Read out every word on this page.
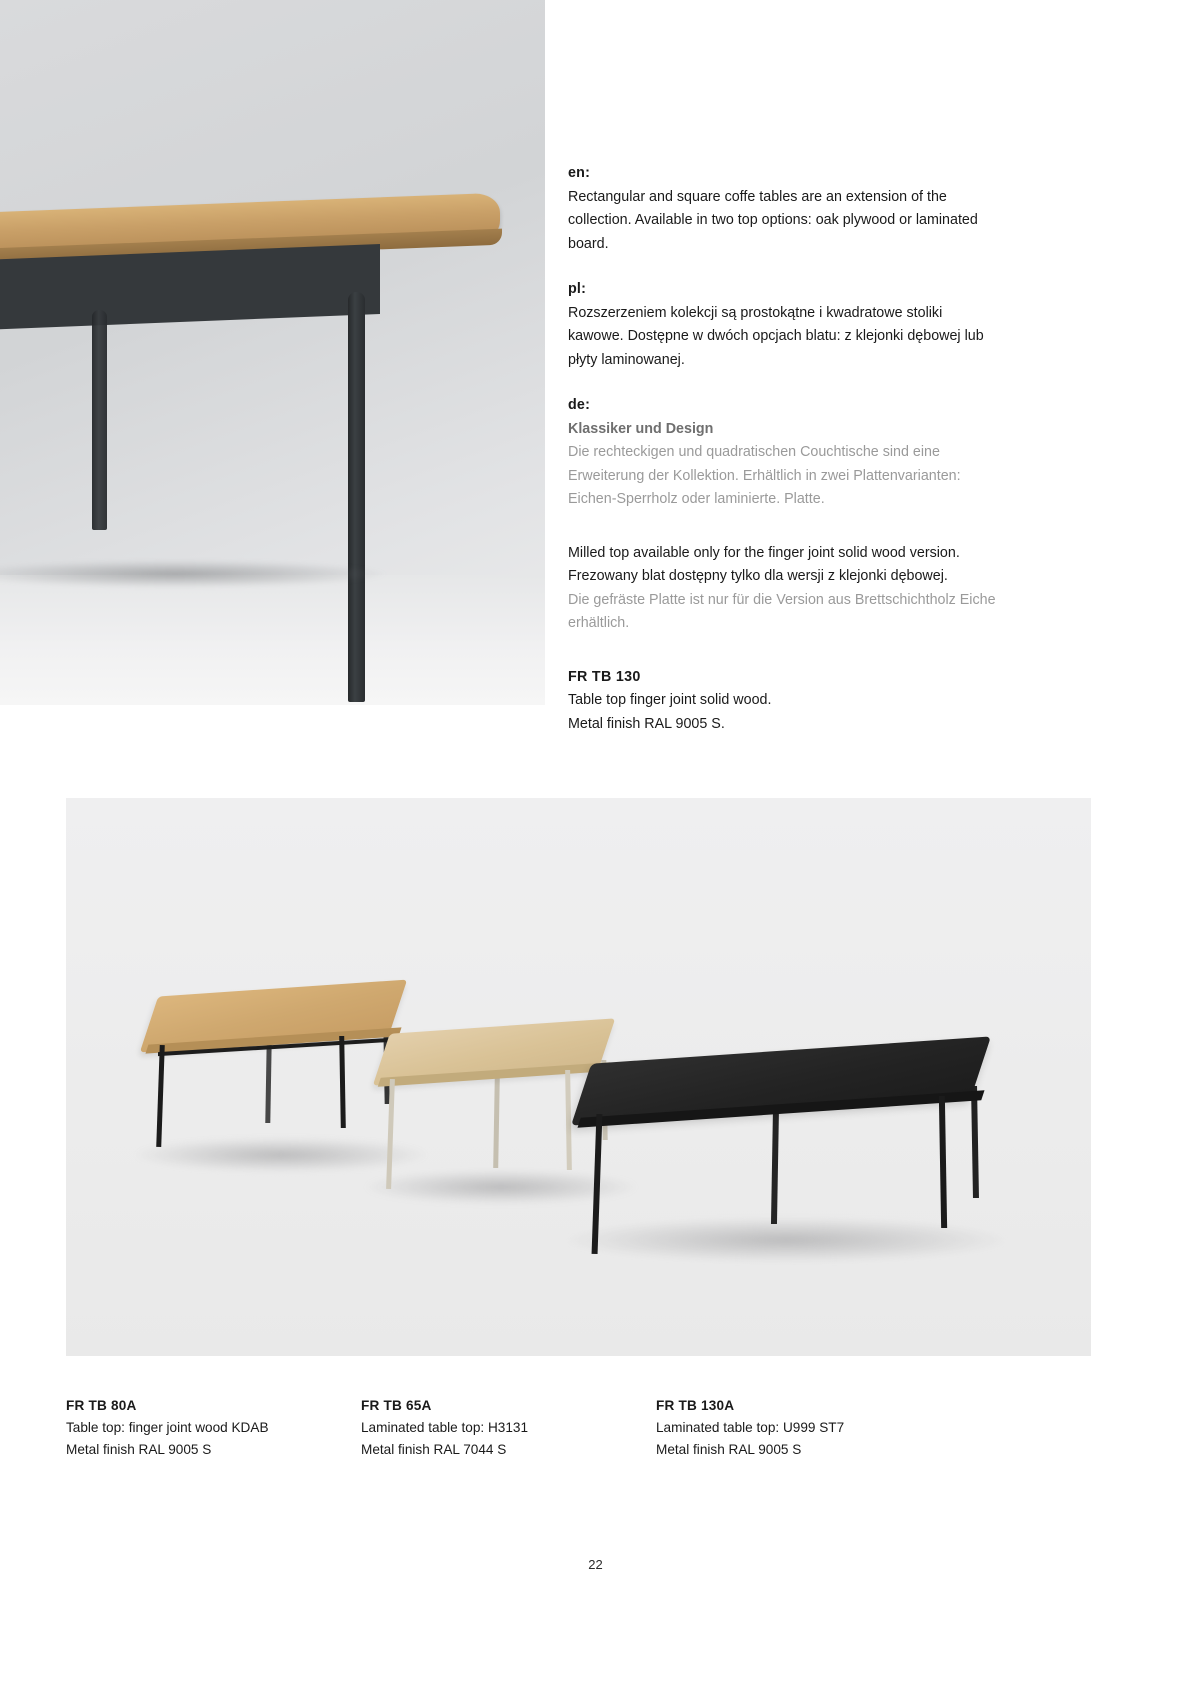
en:

Rectangular and square coffe tables are an extension of the collection. Available in two top options: oak plywood or laminated board.

pl:

Rozszerzeniem kolekcji są prostokątne i kwadratowe stoliki kawowe. Dostępne w dwóch opcjach blatu: z klejonki dębowej lub płyty laminowanej.

de:

Klassiker und Design

Die rechteckigen und quadratischen Couchtische sind eine Erweiterung der Kollektion. Erhältlich in zwei Plattenvarianten: Eichen-Sperrholz oder laminierte. Platte.

Milled top available only for the finger joint solid wood version.

Frezowany blat dostępny tylko dla wersji z klejonki dębowej.

Die gefräste Platte ist nur für die Version aus Brettschichtholz Eiche erhältlich.

FR TB 130

Table top finger joint solid wood.

Metal finish RAL 9005 S.

FR TB 80A

Table top: finger joint wood KDAB

Metal finish RAL 9005 S

FR TB 65A

Laminated table top: H3131

Metal finish RAL 7044 S

FR TB 130A

Laminated table top: U999 ST7

Metal finish RAL 9005 S

22
